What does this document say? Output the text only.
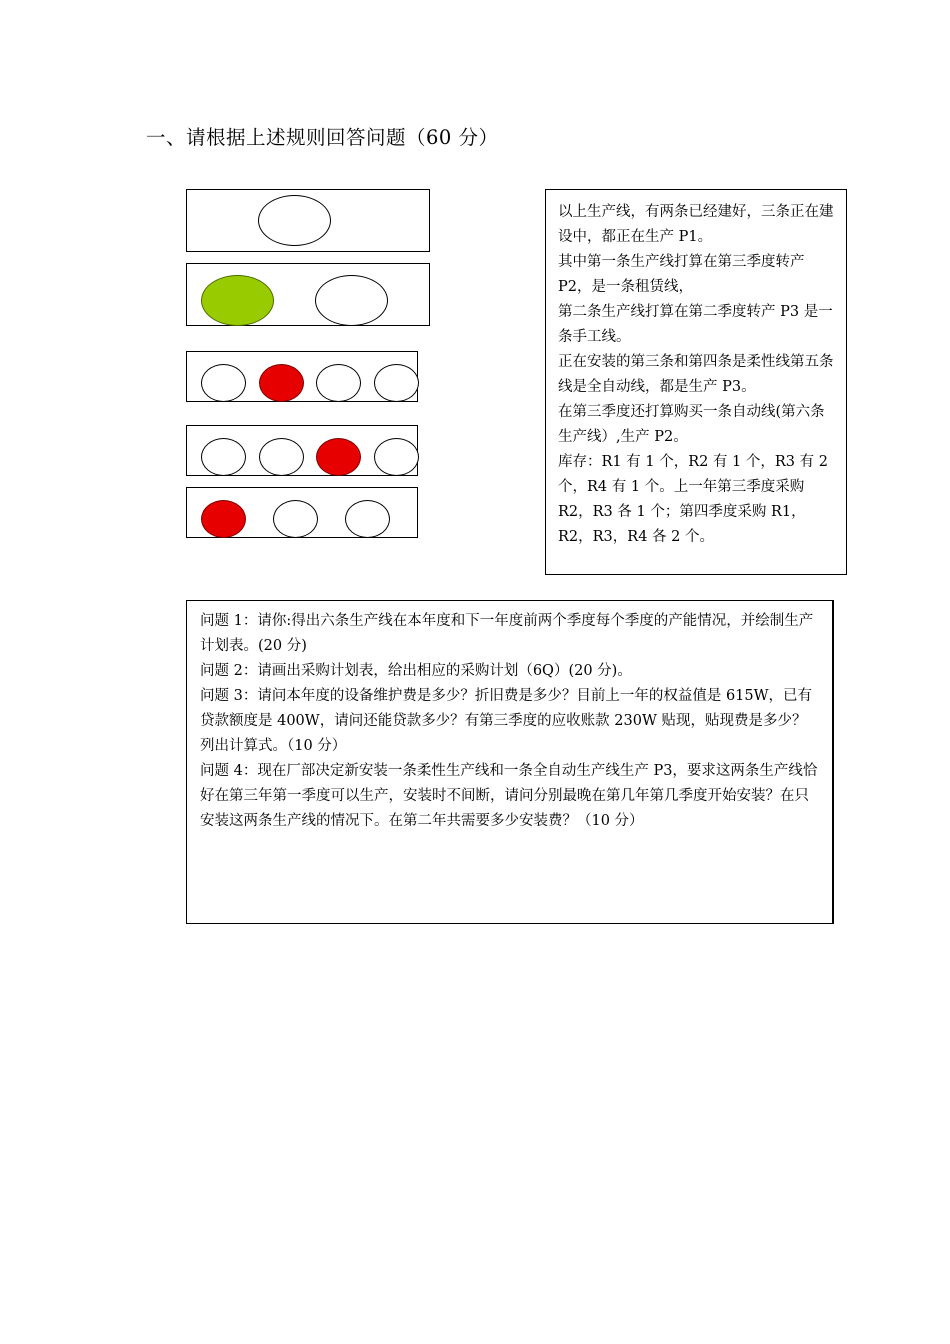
一、请根据上述规则回答问题（60 分）

以上生产线，有两条已经建好，三条正在建设中，都正在生产 P1。

其中第一条生产线打算在第三季度转产 P2，是一条租赁线，

第二条生产线打算在第二季度转产 P3 是一条手工线。

正在安装的第三条和第四条是柔性线第五条线是全自动线，都是生产 P3。

在第三季度还打算购买一条自动线(第六条生产线）,生产 P2。

库存：R1 有 1 个，R2 有 1 个，R3 有 2 个，R4 有 1 个。上一年第三季度采购 R2，R3 各 1 个；第四季度采购 R1，R2，R3，R4 各 2 个。

问题 1：请你:得出六条生产线在本年度和下一年度前两个季度每个季度的产能情况，并绘制生产计划表。(20 分)

问题 2：请画出采购计划表，给出相应的采购计划（6Q）(20 分)。

问题 3：请问本年度的设备维护费是多少？折旧费是多少？目前上一年的权益值是 615W，已有贷款额度是 400W，请问还能贷款多少？有第三季度的应收账款 230W 贴现，贴现费是多少？列出计算式。（10 分）

问题 4：现在厂部决定新安装一条柔性生产线和一条全自动生产线生产 P3，要求这两条生产线恰好在第三年第一季度可以生产，安装时不间断，请问分别最晚在第几年第几季度开始安装？在只安装这两条生产线的情况下。在第二年共需要多少安装费？（10 分）
